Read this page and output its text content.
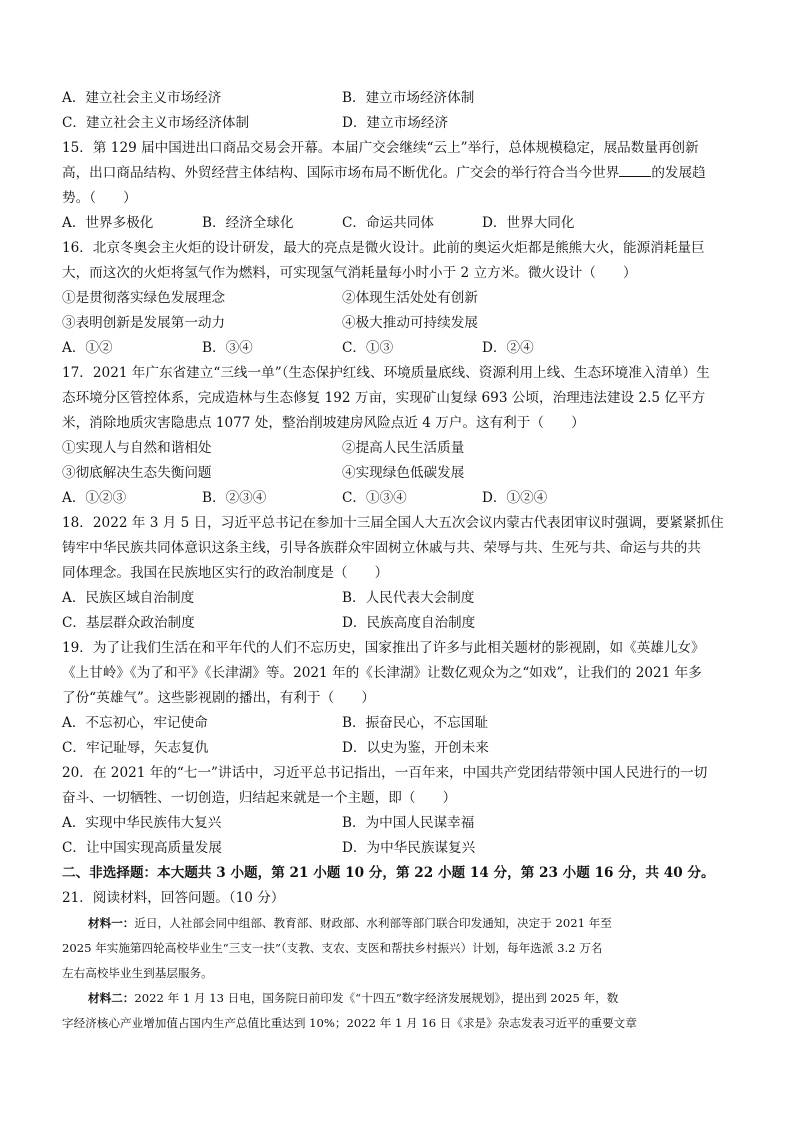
A．建立社会主义市场经济	B．建立市场经济体制
C．建立社会主义市场经济体制	D．建立市场经济
15．第 129 届中国进出口商品交易会开幕。本届广交会继续“云上”举行，总体规模稳定，展品数量再创新
高，出口商品结构、外贸经营主体结构、国际市场布局不断优化。广交会的举行符合当今世界 的发展趋
势。（　　）
A．世界多极化	B．经济全球化	C．命运共同体	D．世界大同化
16．北京冬奥会主火炬的设计研发，最大的亮点是微火设计。此前的奥运火炬都是熊熊大火，能源消耗量巨
大，而这次的火炬将氢气作为燃料，可实现氢气消耗量每小时小于 2 立方米。微火设计（　　）
①是贯彻落实绿色发展理念	②体现生活处处有创新
③表明创新是发展第一动力	④极大推动可持续发展
A．①②	B．③④	C．①③	D．②④
17．2021 年广东省建立“三线一单”（生态保护红线、环境质量底线、资源利用上线、生态环境准入清单）生
态环境分区管控体系，完成造林与生态修复 192 万亩，实现矿山复绿 693 公顷，治理违法建设 2.5 亿平方
米，消除地质灾害隐患点 1077 处，整治削坡建房风险点近 4 万户。这有利于（　　）
①实现人与自然和谐相处	②提高人民生活质量
③彻底解决生态失衡问题	④实现绿色低碳发展
A．①②③	B．②③④	C．①③④	D．①②④
18．2022 年 3 月 5 日，习近平总书记在参加十三届全国人大五次会议内蒙古代表团审议时强调，要紧紧抓住
铸牢中华民族共同体意识这条主线，引导各族群众牢固树立休戚与共、荣辱与共、生死与共、命运与共的共
同体理念。我国在民族地区实行的政治制度是（　　）
A．民族区域自治制度	B．人民代表大会制度
C．基层群众政治制度	D．民族高度自治制度
19．为了让我们生活在和平年代的人们不忘历史，国家推出了许多与此相关题材的影视剧，如《英雄儿女》
《上甘岭》《为了和平》《长津湖》等。2021 年的《长津湖》让数亿观众为之“如戏”，让我们的 2021 年多
了份“英雄气”。这些影视剧的播出，有利于（　　）
A．不忘初心，牢记使命	B．振奋民心，不忘国耻
C．牢记耻辱，矢志复仇	D．以史为鉴，开创未来
20．在 2021 年的“七一”讲话中，习近平总书记指出，一百年来，中国共产党团结带领中国人民进行的一切
奋斗、一切牺牲、一切创造，归结起来就是一个主题，即（　　）
A．实现中华民族伟大复兴	B．为中国人民谋幸福
C．让中国实现高质量发展	D．为中华民族谋复兴
二、非选择题：本大题共 3 小题，第 21 小题 10 分，第 22 小题 14 分，第 23 小题 16 分，共 40 分。
21．阅读材料，回答问题。（10 分）
材料一：近日，人社部会同中组部、教育部、财政部、水利部等部门联合印发通知，决定于 2021 年至
2025 年实施第四轮高校毕业生“三支一扶”（支教、支农、支医和帮扶乡村振兴）计划，每年选派 3.2 万名
左右高校毕业生到基层服务。
材料二：2022 年 1 月 13 日电，国务院日前印发《“十四五”数字经济发展规划》，提出到 2025 年，数
字经济核心产业增加值占国内生产总值比重达到 10%；2022 年 1 月 16 日《求是》杂志发表习近平的重要文章
